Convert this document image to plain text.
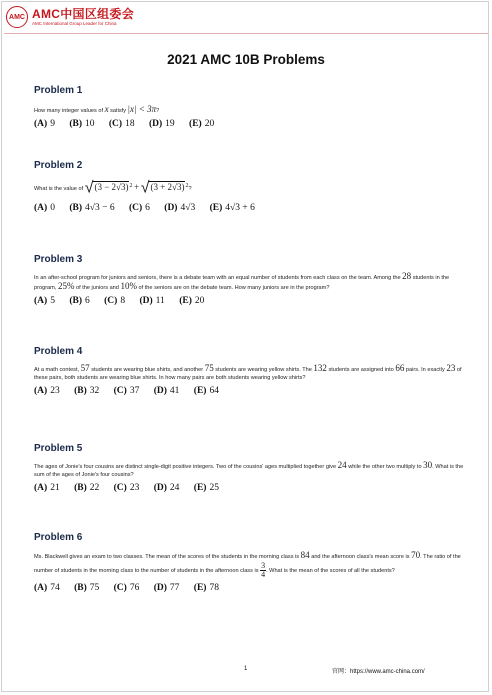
AMC AMC中国区组委会
AMC International Group Leader for China
2021 AMC 10B Problems

Problem 1

How many integer values of x satisfy |x| < 3π?

(A) 9 (B) 10 (C) 18 (D) 19 (E) 20

Problem 2

What is the value of $√(3 - 2√3)^2 + √(3 + 2√3)^2$?

(A) 0 (B) 4√3 − 6 (C) 6 (D) 4√3 (E) 4√3 + 6

Problem 3

In an after-school program for juniors and seniors, there is a debate team with an equal number of students from each class on the team. Among the 28 students in the program, 25% of the juniors and 10% of the seniors are on the debate team. How many juniors are in the program?

(A) 5 (B) 6 (C) 8 (D) 11 (E) 20

Problem 4

At a math contest, 57 students are wearing blue shirts, and another 75 students are wearing yellow shirts. The 132 students are assigned into 66 pairs. In exactly 23 of these pairs, both students are wearing blue shirts. In how many pairs are both students wearing yellow shirts?

(A) 23 (B) 32 (C) 37 (D) 41 (E) 64

Problem 5

The ages of Jonie's four cousins are distinct single-digit positive integers. Two of the cousins' ages multiplied together give 24 while the other two multiply to 30. What is the sum of the ages of Jonie's four cousins?

(A) 21 (B) 22 (C) 23 (D) 24 (E) 25

Problem 6

Ms. Blackwell gives an exam to two classes. The mean of the scores of the students in the morning class is 84 and the afternoon class's mean score is 70. The ratio of the number of students in the morning class to the number of students in the afternoon class is $\frac{3}{4}$ . What is the mean of the scores of all the students?

(A) 74 (B) 75 (C) 76 (D) 77 (E) 78
1	官网：https://www.amc-china.com/
